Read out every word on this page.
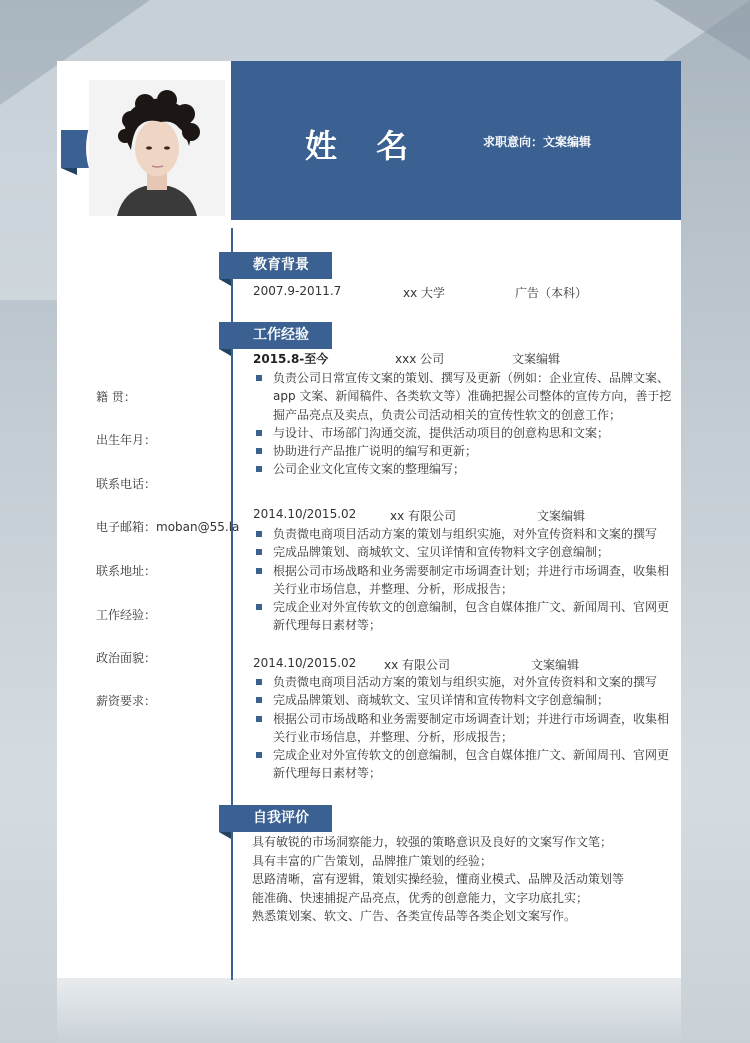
姓 名	求职意向：文案编辑
籍 贯：
出生年月：
联系电话：
电子邮箱：moban@55.la
联系地址：
工作经验：
政治面貌：
薪资要求：
教育背景
2007.9-2011.7	xx 大学	广告（本科）
工作经验
2015.8-至今	xxx 公司	文案编辑
负责公司日常宣传文案的策划、撰写及更新（例如：企业宣传、品牌文案、app 文案、新闻稿件、各类软文等）准确把握公司整体的宣传方向，善于挖掘产品亮点及卖点，负责公司活动相关的宣传性软文的创意工作；
与设计、市场部门沟通交流，提供活动项目的创意构思和文案；
协助进行产品推广说明的编写和更新；
公司企业文化宣传文案的整理编写；
2014.10/2015.02	xx 有限公司	文案编辑
负责微电商项目活动方案的策划与组织实施，对外宣传资料和文案的撰写
完成品牌策划、商城软文、宝贝详情和宣传物料文字创意编制；
根据公司市场战略和业务需要制定市场调查计划；并进行市场调查，收集相关行业市场信息，并整理、分析，形成报告；
完成企业对外宣传软文的创意编制，包含自媒体推广文、新闻周刊、官网更新代理每日素材等；
2014.10/2015.02 xx 有限公司	文案编辑
负责微电商项目活动方案的策划与组织实施，对外宣传资料和文案的撰写
完成品牌策划、商城软文、宝贝详情和宣传物料文字创意编制；
根据公司市场战略和业务需要制定市场调查计划；并进行市场调查，收集相关行业市场信息，并整理、分析，形成报告；
完成企业对外宣传软文的创意编制，包含自媒体推广文、新闻周刊、官网更新代理每日素材等；
自我评价
具有敏锐的市场洞察能力，较强的策略意识及良好的文案写作文笔；
具有丰富的广告策划，品牌推广策划的经验；
思路清晰，富有逻辑，策划实操经验，懂商业模式、品牌及活动策划等
能准确、快速捕捉产品亮点，优秀的创意能力，文字功底扎实；
熟悉策划案、软文、广告、各类宣传品等各类企划文案写作。
